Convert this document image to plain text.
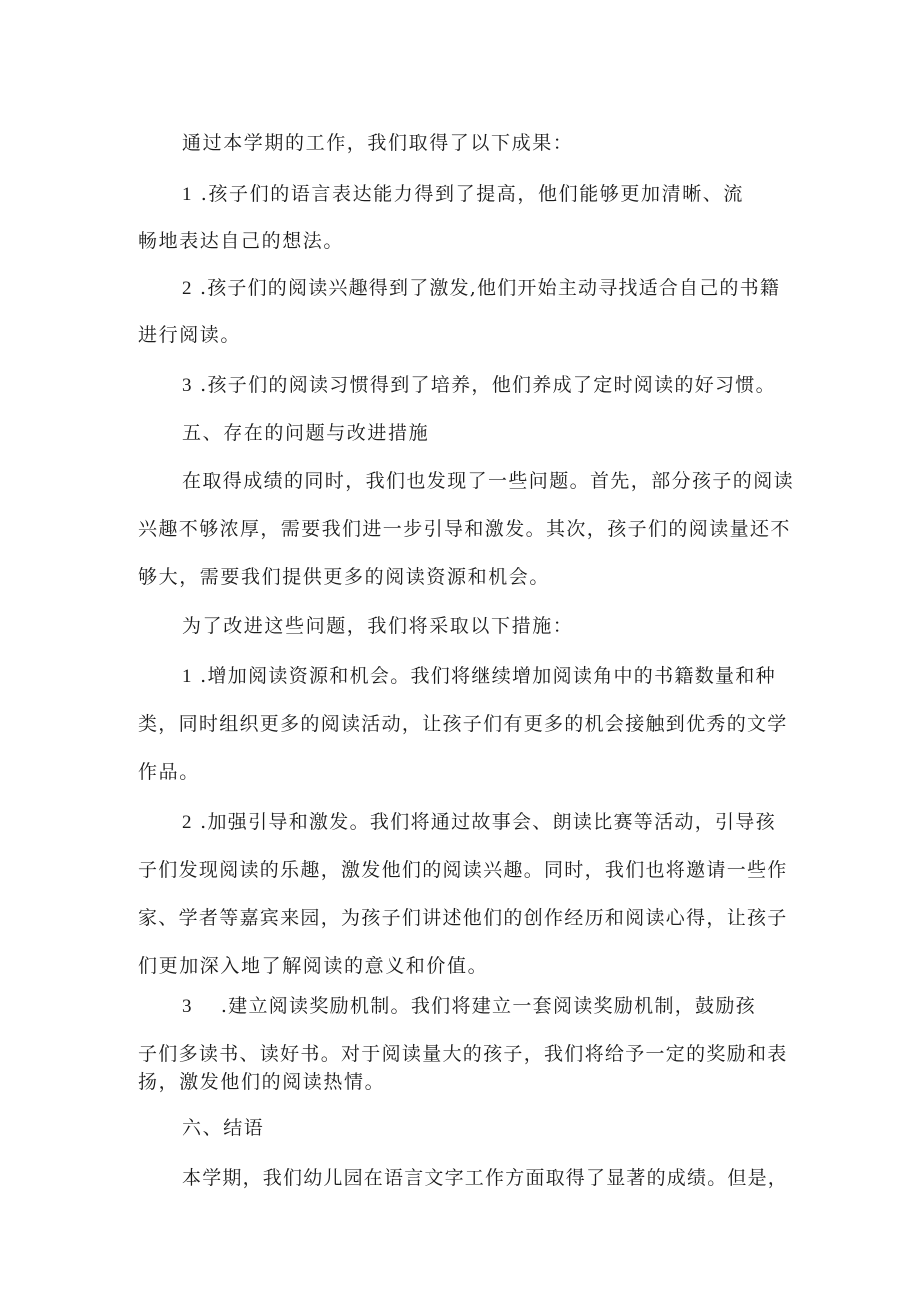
通过本学期的工作，我们取得了以下成果：

1 .孩子们的语言表达能力得到了提高，他们能够更加清晰、流

畅地表达自己的想法。

2 .孩子们的阅读兴趣得到了激发,他们开始主动寻找适合自己的书籍

进行阅读。

3 .孩子们的阅读习惯得到了培养，他们养成了定时阅读的好习惯。

五、存在的问题与改进措施

在取得成绩的同时，我们也发现了一些问题。首先，部分孩子的阅读

兴趣不够浓厚，需要我们进一步引导和激发。其次，孩子们的阅读量还不

够大，需要我们提供更多的阅读资源和机会。

为了改进这些问题，我们将采取以下措施：

1 .增加阅读资源和机会。我们将继续增加阅读角中的书籍数量和种

类，同时组织更多的阅读活动，让孩子们有更多的机会接触到优秀的文学

作品。

2 .加强引导和激发。我们将通过故事会、朗读比赛等活动，引导孩

子们发现阅读的乐趣，激发他们的阅读兴趣。同时，我们也将邀请一些作

家、学者等嘉宾来园，为孩子们讲述他们的创作经历和阅读心得，让孩子

们更加深入地了解阅读的意义和价值。

3 .建立阅读奖励机制。我们将建立一套阅读奖励机制，鼓励孩

子们多读书、读好书。对于阅读量大的孩子，我们将给予一定的奖励和表

扬，激发他们的阅读热情。

六、结语

本学期，我们幼儿园在语言文字工作方面取得了显著的成绩。但是，
